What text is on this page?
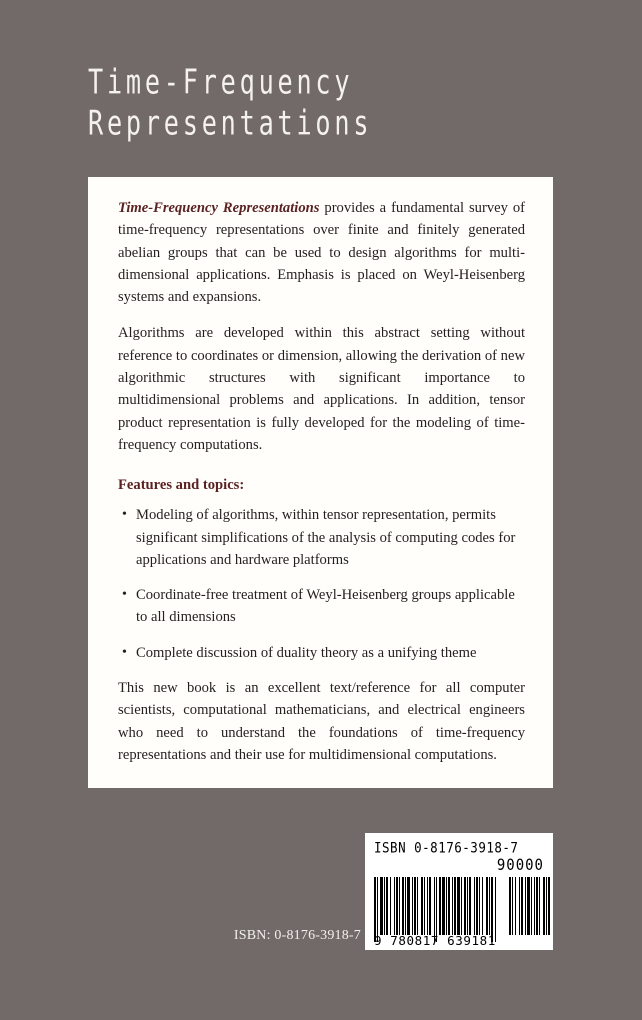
Time-Frequency
Representations

Time-Frequency Representations provides a fundamental survey of time-frequency representations over finite and finitely generated abelian groups that can be used to design algorithms for multi-dimensional applications. Emphasis is placed on Weyl-Heisenberg systems and expansions.

Algorithms are developed within this abstract setting without reference to coordinates or dimension, allowing the derivation of new algorithmic structures with significant importance to multidimensional problems and applications. In addition, tensor product representation is fully developed for the modeling of time-frequency computations.

Features and topics:
• Modeling of algorithms, within tensor representation, permits significant simplifications of the analysis of computing codes for applications and hardware platforms
• Coordinate-free treatment of Weyl-Heisenberg groups applicable to all dimensions
• Complete discussion of duality theory as a unifying theme

This new book is an excellent text/reference for all computer scientists, computational mathematicians, and electrical engineers who need to understand the foundations of time-frequency representations and their use for multidimensional computations.

ISBN: 0-8176-3918-7
ISBN 0-8176-3918-7
90000
9 780817 639181
